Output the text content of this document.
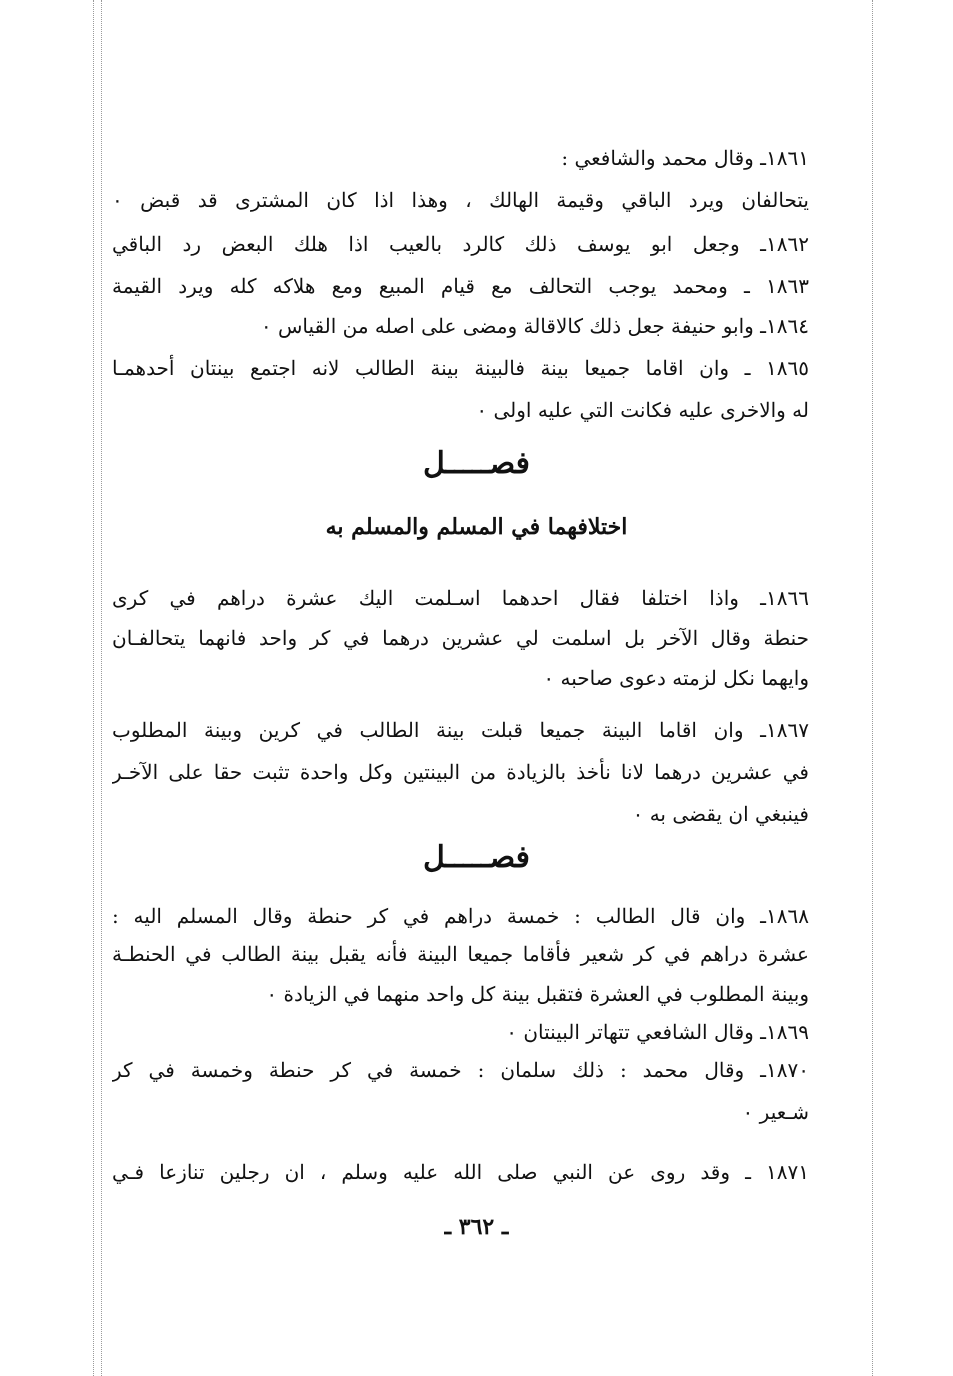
١٨٦١ـ وقال محمد والشافعي :
يتحالفان ويرد الباقي وقيمة الهالك ، وهذا اذا كان المشترى قد قبض ٠
١٨٦٢ـ وجعل ابو يوسف ذلك كالرد بالعيب اذا هلك البعض رد الباقي
١٨٦٣ ـ ومحمد يوجب التحالف مع قيام المبيع ومع هلاكه كله ويرد القيمة
١٨٦٤ـ وابو حنيفة جعل ذلك كالاقالة ومضى على اصله من القياس ٠
١٨٦٥ ـ وان اقاما جميعا بينة فالبينة بينة الطالب لانه اجتمع بينتان أحدهمـا
له والاخرى عليه فكانت التي عليه اولى ٠
فصـــــل
اختلافهما في المسلم والمسلم به
١٨٦٦ـ واذا اختلفا فقال احدهما اسـلمت اليك عشرة دراهم في كرى
حنطة وقال الآخر بل اسلمت لي عشرين درهما في كر واحد فانهما يتحالفـان
وايهما نكل لزمته دعوى صاحبه ٠
١٨٦٧ـ وان اقاما البينة جميعا قبلت بينة الطالب في كرين وبينة المطلوب
في عشرين درهما لانا نأخذ بالزيادة من البينتين وكل واحدة تثبت حقا على الآخـر
فينبغي ان يقضى به ٠
فصـــــل
١٨٦٨ـ وان قال الطالب : خمسة دراهم في كر حنطة وقال المسلم اليه :
عشرة دراهم في كر شعير فأقاما جميعا البينة فأنه يقبل بينة الطالب في الحنطـة
وبينة المطلوب في العشرة فتقبل بينة كل واحد منهما في الزيادة ٠
١٨٦٩ـ وقال الشافعي تتهاتر البينتان ٠
١٨٧٠ـ وقال محمد : ذلك سلمان : خمسة في كر حنطة وخمسة في كر
شـعير ٠
١٨٧١ ـ وقد روى عن النبي صلى الله عليه وسلم ، ان رجلين تنازعا فـي
ـ ٣٦٢ ـ
